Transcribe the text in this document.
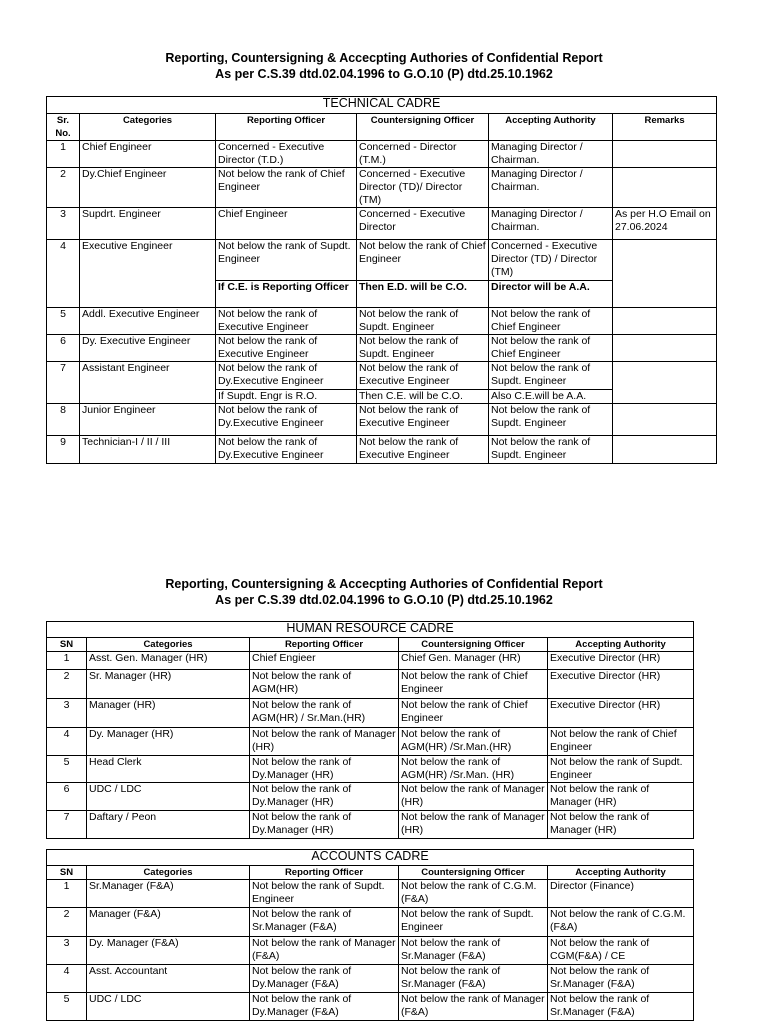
Reporting, Countersigning & Accecpting Authories of Confidential Report
As per C.S.39 dtd.02.04.1996 to G.O.10 (P) dtd.25.10.1962
TECHNICAL CADRE					
Sr. No.	Categories	Reporting Officer	Countersigning Officer	Accepting Authority	Remarks
1	Chief Engineer	Concerned - Executive Director (T.D.)	Concerned - Director (T.M.)	Managing Director / Chairman.	
2	Dy.Chief Engineer	Not below the rank of Chief Engineer	Concerned - Executive Director (TD)/ Director (TM)	Managing Director / Chairman.	
3	Supdrt. Engineer	Chief Engineer	Concerned - Executive Director	Managing Director / Chairman.	As per H.O Email on 27.06.2024
4	Executive Engineer	Not below the rank of Supdt. Engineer	Not below the rank of Chief Engineer	Concerned - Executive Director (TD) / Director (TM)	
		If C.E. is Reporting Officer	Then E.D. will be C.O.	Director will be A.A.	
5	Addl. Executive Engineer	Not below the rank of Executive Engineer	Not below the rank of Supdt. Engineer	Not below the rank of Chief Engineer	
6	Dy. Executive Engineer	Not below the rank of Executive Engineer	Not below the rank of Supdt. Engineer	Not below the rank of Chief Engineer	
7	Assistant Engineer	Not below the rank of Dy.Executive Engineer	Not below the rank of Executive Engineer	Not below the rank of Supdt. Engineer	
		If Supdt. Engr is R.O.	Then C.E. will be C.O.	Also C.E.will be A.A.	
8	Junior Engineer	Not below the rank of Dy.Executive Engineer	Not below the rank of Executive Engineer	Not below the rank of Supdt. Engineer	
9	Technician-I / II / III	Not below the rank of Dy.Executive Engineer	Not below the rank of Executive Engineer	Not below the rank of Supdt. Engineer	
Reporting, Countersigning & Accecpting Authories of Confidential Report
As per C.S.39 dtd.02.04.1996 to G.O.10 (P) dtd.25.10.1962
HUMAN RESOURCE CADRE				
SN	Categories	Reporting Officer	Countersigning Officer	Accepting Authority
1	Asst. Gen. Manager (HR)	Chief Engieer	Chief Gen. Manager (HR)	Executive Director (HR)
2	Sr. Manager (HR)	Not below the rank of AGM(HR)	Not below the rank of Chief Engineer	Executive Director (HR)
3	Manager (HR)	Not below the rank of AGM(HR) / Sr.Man.(HR)	Not below the rank of Chief Engineer	Executive Director (HR)
4	Dy. Manager (HR)	Not below the rank of Manager (HR)	Not below the rank of AGM(HR) /Sr.Man.(HR)	Not below the rank of Chief Engineer
5	Head Clerk	Not below the rank of Dy.Manager (HR)	Not below the rank of AGM(HR) /Sr.Man. (HR)	Not below the rank of Supdt. Engineer
6	UDC / LDC	Not below the rank of Dy.Manager (HR)	Not below the rank of Manager (HR)	Not below the rank of Manager (HR)
7	Daftary / Peon	Not below the rank of Dy.Manager (HR)	Not below the rank of Manager (HR)	Not below the rank of Manager (HR)
ACCOUNTS CADRE				
SN	Categories	Reporting Officer	Countersigning Officer	Accepting Authority
1	Sr.Manager (F&A)	Not below the rank of Supdt. Engineer	Not below the rank of C.G.M.(F&A)	Director (Finance)
2	Manager (F&A)	Not below the rank of Sr.Manager (F&A)	Not below the rank of Supdt. Engineer	Not below the rank of C.G.M.(F&A)
3	Dy. Manager (F&A)	Not below the rank of Manager (F&A)	Not below the rank of Sr.Manager (F&A)	Not below the rank of CGM(F&A) / CE
4	Asst. Accountant	Not below the rank of Dy.Manager (F&A)	Not below the rank of Sr.Manager (F&A)	Not below the rank of Sr.Manager (F&A)
5	UDC / LDC	Not below the rank of Dy.Manager (F&A)	Not below the rank of Manager (F&A)	Not below the rank of Sr.Manager (F&A)
